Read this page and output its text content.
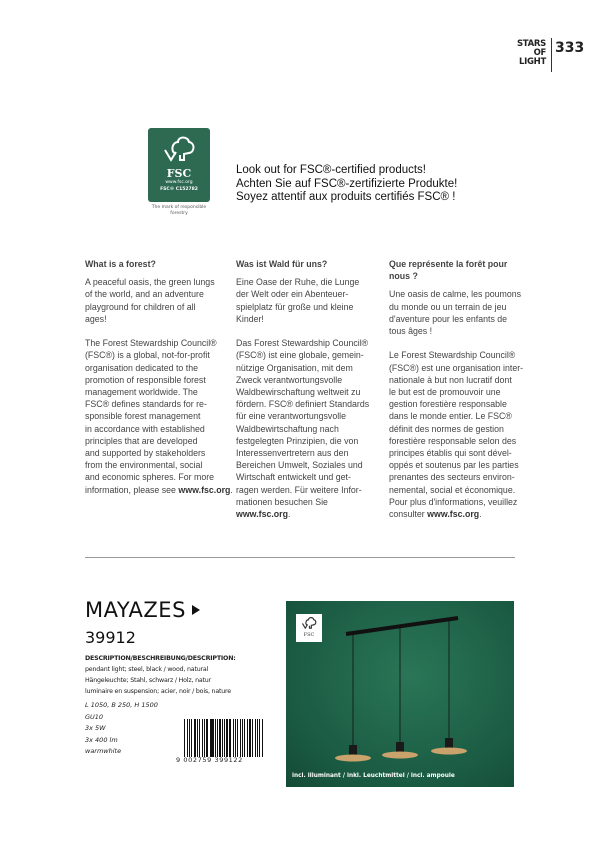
STARS
OF
LIGHT
333
FSC
www.fsc.org
FSC® C152782
The mark of responsible forestry
Look out for FSC®-certified products!
Achten Sie auf FSC®-zertifizierte Produkte!
Soyez attentif aux produits certifiés FSC® !
What is a forest?

A peaceful oasis, the green lungs
of the world, and an adventure
playground for children of all
ages!

The Forest Stewardship Council®
(FSC®) is a global, not-for-profit
organisation dedicated to the
promotion of responsible forest
management worldwide. The
FSC® defines standards for re-
sponsible forest management
in accordance with established
principles that are developed
and supported by stakeholders
from the environmental, social
and economic spheres. For more
information, please see www.fsc.org.

Was ist Wald für uns?

Eine Oase der Ruhe, die Lunge
der Welt oder ein Abenteuer-
spielplatz für große und kleine
Kinder!

Das Forest Stewardship Council®
(FSC®) ist eine globale, gemein-
nützige Organisation, mit dem
Zweck verantwortungsvolle
Waldbewirschaftung weltweit zu
fördern. FSC® definiert Standards
für eine verantwortungsvolle
Waldbewirtschaftung nach
festgelegten Prinzipien, die von
Interessenvertretern aus den
Bereichen Umwelt, Soziales und
Wirtschaft entwickelt und get-
ragen werden. Für weitere Infor-
mationen besuchen Sie
www.fsc.org.

Que représente la forêt pour nous ?

Une oasis de calme, les poumons
du monde ou un terrain de jeu
d'aventure pour les enfants de
tous âges !

Le Forest Stewardship Council®
(FSC®) est une organisation inter-
nationale à but non lucratif dont
le but est de promouvoir une
gestion forestière responsable
dans le monde entier. Le FSC®
définit des normes de gestion
forestière responsable selon des
principes établis qui sont dével-
oppés et soutenus par les parties
prenantes des secteurs environ-
nemental, social et économique.
Pour plus d'informations, veuillez
consulter www.fsc.org.

MAYAZES
39912
DESCRIPTION/BESCHREIBUNG/DESCRIPTION:
pendant light; steel, black / wood, natural
Hängeleuchte; Stahl, schwarz / Holz, natur
luminaire en suspension; acier, noir / bois, nature
L 1050, B 250, H 1500
GU10
3x 5W
3x 400 lm
warmwhite
9 002759 399122
FSC
incl. illuminant / inkl. Leuchtmittel / incl. ampoule
